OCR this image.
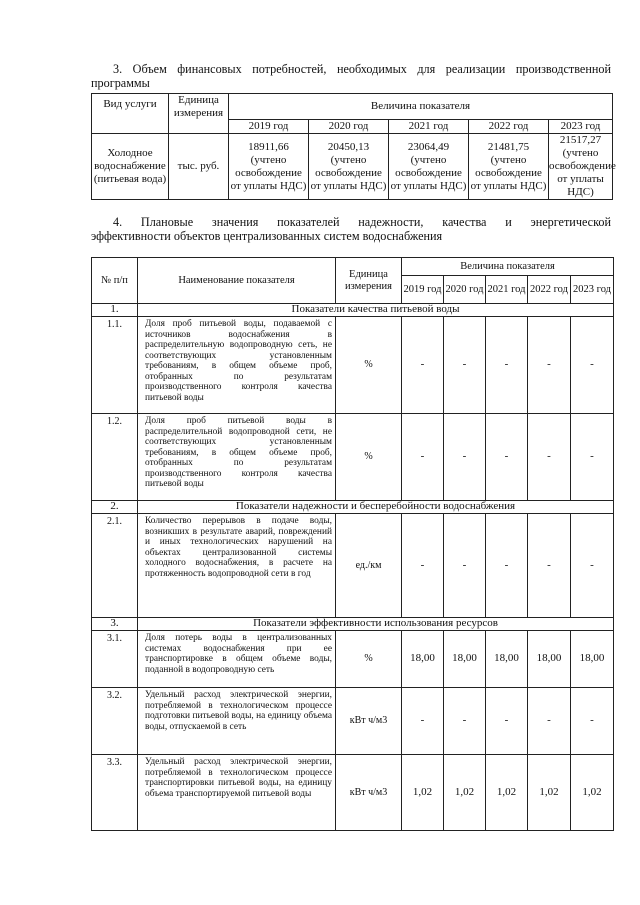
3. Объем финансовых потребностей, необходимых для реализации производственной
программы
Вид услуги	Единица измерения	Величина показателя				
		2019 год	2020 год	2021 год	2022 год	2023 год
Холодное водоснабжение (питьевая вода)	тыс. руб.	18911,66 (учтено освобождение от уплаты НДС)	20450,13 (учтено освобождение от уплаты НДС)	23064,49 (учтено освобождение от уплаты НДС)	21481,75 (учтено освобождение от уплаты НДС)	21517,27 (учтено освобождение от уплаты НДС)
4. Плановые значения показателей надежности, качества и энергетической
эффективности объектов централизованных систем водоснабжения
№ п/п	Наименование показателя	Единица измерения	Величина показателя				
			2019 год	2020 год	2021 год	2022 год	2023 год
1.	Показатели качества питьевой воды						
1.1.	Доля проб питьевой воды, подаваемой с источников водоснабжения в распределительную водопроводную сеть, не соответствующих установленным требованиям, в общем объеме проб, отобранных по результатам производственного контроля качества питьевой воды	%	-	-	-	-	-
1.2.	Доля проб питьевой воды в распределительной водопроводной сети, не соответствующих установленным требованиям, в общем объеме проб, отобранных по результатам производственного контроля качества питьевой воды	%	-	-	-	-	-
2.	Показатели надежности и бесперебойности водоснабжения						
2.1.	Количество перерывов в подаче воды, возникших в результате аварий, повреждений и иных технологических нарушений на объектах централизованной системы холодного водоснабжения, в расчете на протяженность водопроводной сети в год	ед./км	-	-	-	-	-
3.	Показатели эффективности использования ресурсов						
3.1.	Доля потерь воды в централизованных системах водоснабжения при ее транспортировке в общем объеме воды, поданной в водопроводную сеть	%	18,00	18,00	18,00	18,00	18,00
3.2.	Удельный расход электрической энергии, потребляемой в технологическом процессе подготовки питьевой воды, на единицу объема воды, отпускаемой в сеть	кВт ч/м3	-	-	-	-	-
3.3.	Удельный расход электрической энергии, потребляемой в технологическом процессе транспортировки питьевой воды, на единицу объема транспортируемой питьевой воды	кВт ч/м3	1,02	1,02	1,02	1,02	1,02
